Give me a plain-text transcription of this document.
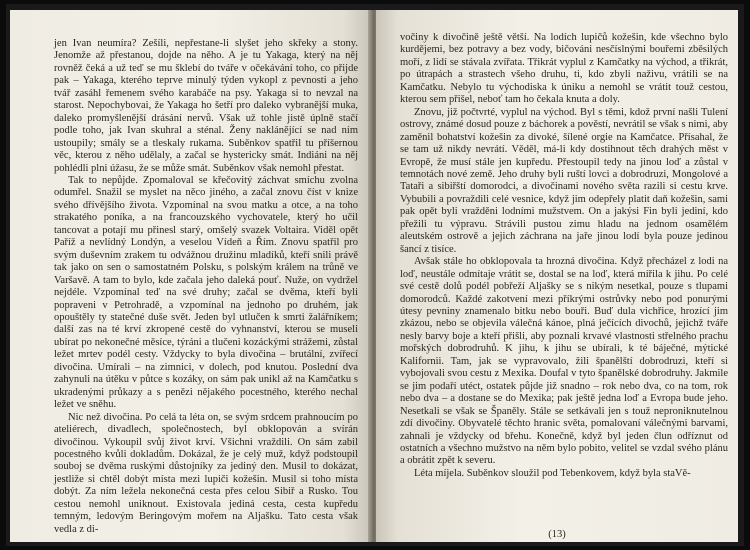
jen Ivan neumíra? Zešíli, nepřestane-li slyšet jeho skřeky a stony. Jenomže až přestanou, dojde na něho. A je tu Yakaga, který na něj rovněž čeká a už teď se mu šklebí do tváře v očekávání toho, co přijde pak – Yakaga, kterého teprve minulý týden vykopl z pevnosti a jeho tvář zasáhl řemenem svého karabáče na psy. Yakaga si to nevzal na starost. Nepochybovai, že Yakaga ho šetří pro daleko vybranější muka, daleko promyšlenější drásání nervů. Však už tohle jistě úplně stačí podle toho, jak Ivan skuhral a sténal. Ženy naklánějící se nad ním ustoupily; smály se a tleskaly rukama. Suběnkov spatřil tu příšernou věc, kterou z něho udělaly, a začal se hystericky smát. Indiáni na něj pohlédli plni úžasu, že se může smát. Suběnkov však nemohl přestat.

Tak to nepůjde. Zpomaloval se křečovitý záchvat smíchu zvolna odumřel. Snažil se myslet na něco jiného, a začal znovu číst v knize svého dřívějšího života. Vzpomínal na svou matku a otce, a na toho strakatého poníka, a na francouzského vychovatele, který ho učil tancovat a potají mu přinesl starý, omšelý svazek Voltaira. Viděl opět Paříž a nevlídný Londýn, a veselou Vídeň a Řím. Znovu spatřil pro svým duševním zrakem tu odvážnou družinu mladíků, kteří snili právě tak jako on sen o samostatném Polsku, s polským králem na trůně ve Varšavě. A tam to bylo, kde začala jeho daleká pouť. Nuže, on vydržel nejdéle. Vzpomínal teď na své druhy; začal se dvěma, kteří byli popraveni v Petrohradě, a vzpomínal na jednoho po druhém, jak opouštěly ty statečné duše svět. Jeden byl utlučen k smrti žalářníkem; další zas na té krví zkropené cestě do vyhnanství, kterou se museli ubírat po nekonečné měsíce, týráni a tlučeni kozáckými strážemi, zůstal ležet mrtev podél cesty. Vždycky to byla divočina – brutální, zvířecí divočina. Umírali – na zimnici, v dolech, pod knutou. Poslední dva zahynuli na útěku v půtce s kozáky, on sám pak unikl až na Kamčatku s ukradenými průkazy a s penězi nějakého pocestného, kterého nechal ležet ve sněhu.

Nic než divočina. Po celá ta léta on, se svým srdcem prahnoucím po ateliérech, divadlech, společnostech, byl obklopován a svírán divočinou. Vykoupil svůj život krví. Všichni vraždili. On sám zabil pocestného kvůli dokladům. Dokázal, že je celý muž, když podstoupil souboj se dvěma ruskými důstojníky za jediný den. Musil to dokázat, jestliže si chtěl dobýt místa mezi lupiči kožešin. Musil si toho místa dobýt. Za ním ležela nekonečná cesta přes celou Sibiř a Rusko. Tou cestou nemohl uniknout. Existovala jediná cesta, cesta kupředu temným, ledovým Beringovým mořem na Aljašku. Tato cesta však vedla z di-

vočiny k divočině ještě větší. Na lodích lupičů kožešin, kde všechno bylo kurdějemi, bez potravy a bez vody, bičováni nesčíslnými bouřemi zběsilých moří, z lidí se stávala zvířata. Třikrát vyplul z Kamčatky na východ, a třikrát, po útrapách a strastech všeho druhu, ti, kdo zbyli naživu, vrátili se na Kamčatku. Nebylo tu východiska k úniku a nemohl se vrátit touž cestou, kterou sem přišel, neboť tam ho čekala knuta a doly.

Znovu, již počtvrté, vyplul na východ. Byl s těmi, kdož první našli Tulení ostrovy, známé dosud pouze z báchorek a pověstí, nevrátil se však s nimi, aby zaměnil bohatství kožešin za divoké, šílené orgie na Kamčatce. Přísahal, že se tam už nikdy nevrátí. Věděl, má-li kdy dostihnout těch drahých měst v Evropě, že musí stále jen kupředu. Přestoupil tedy na jinou loď a zůstal v temnotách nové země. Jeho druhy byli ruští lovci a dobrodruzi, Mongolové a Tataři a sibiřští domorodci, a divočinami nového světa razili si cestu krve. Vybubili a povraždili celé vesnice, když jim odepřely platit daň kožešin, sami pak opět byli vražděni lodními mužstvem. On a jakýsi Fin byli jediní, kdo přežili tu výpravu. Strávili pustou zimu hladu na jednom osamělém aleutském ostrově a jejich záchrana na jaře jinou lodí byla pouze jedinou šancí z tisíce.

Avšak stále ho obklopovala ta hrozná divočina. Když přecházel z lodi na loď, neustále odmítaje vrátit se, dostal se na loď, která mířila k jihu. Po celé své cestě dolů podél pobřeží Aljašky se s nikým nesetkal, pouze s tlupami domorodců. Každé zakotvení mezi příkrými ostrůvky nebo pod ponurými útesy pevniny znamenalo bitku nebo bouři. Buď dula vichřice, hrozící jim zkázou, nebo se objevila válečná kánoe, plná ječících divochů, jejichž tváře nesly barvy boje a kteří přišli, aby poznali krvavé vlastnosti střelného prachu mořských dobrodruhů. K jihu, k jihu se ubírali, k té báječné, mýtické Kalifornii. Tam, jak se vypravovalo, žili španělští dobrodruzi, kteří si vybojovali svou cestu z Mexika. Doufal v tyto španělské dobrodruhy. Jakmile se jim podaří utéct, ostatek půjde již snadno – rok nebo dva, co na tom, rok nebo dva – a dostane se do Mexika; pak ještě jedna loď a Evropa bude jeho. Nesetkali se však se Španěly. Stále se setkávali jen s touž neproniknutelnou zdí divočiny. Obyvatelé těchto hranic světa, pomalovaní válečnými barvami, zahnali je vždycky od břehu. Konečně, když byl jeden člun odříznut od ostatních a všechno mužstvo na něm bylo pobito, velitel se vzdal svého plánu a obrátit zpět k severu.

Léta míjela. Suběnkov sloužil pod Tebenkovem, když byla staVě-

(13)
